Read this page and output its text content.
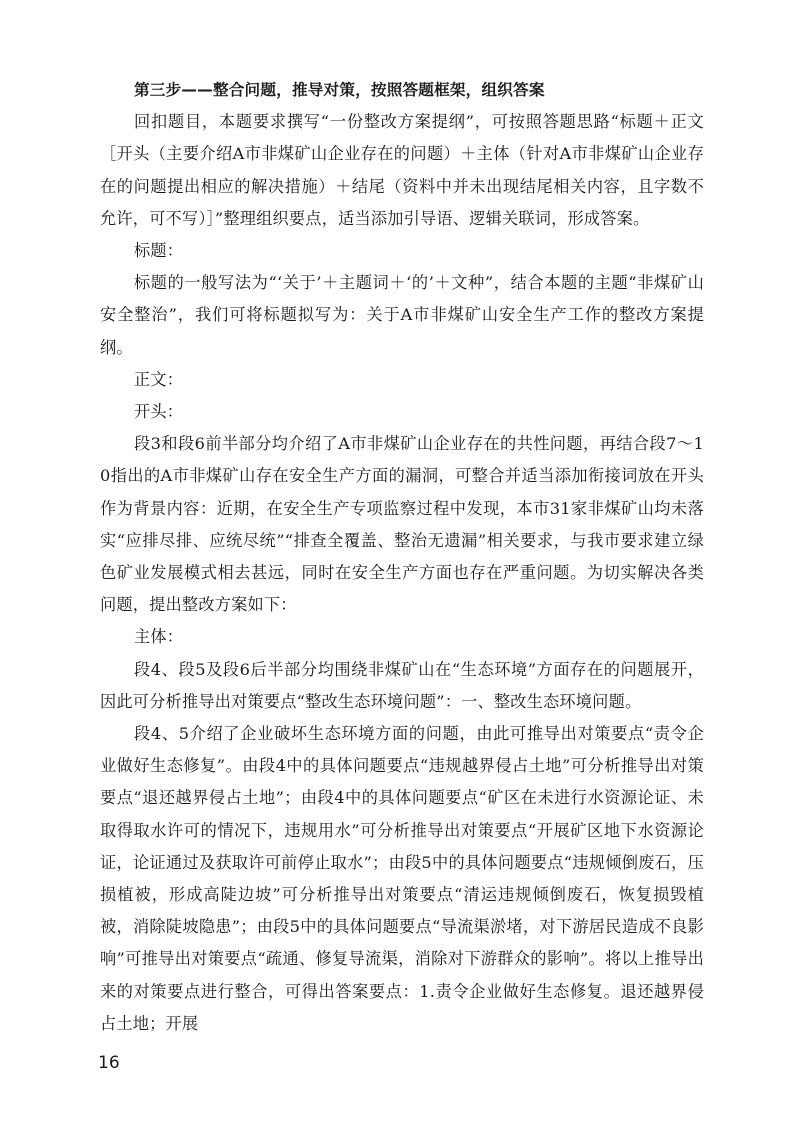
第三步——整合问题，推导对策，按照答题框架，组织答案

回扣题目，本题要求撰写“一份整改方案提纲”，可按照答题思路“标题＋正文［开头（主要介绍A市非煤矿山企业存在的问题）＋主体（针对A市非煤矿山企业存在的问题提出相应的解决措施）＋结尾（资料中并未出现结尾相关内容，且字数不允许，可不写）］”整理组织要点，适当添加引导语、逻辑关联词，形成答案。

标题：

标题的一般写法为“‘关于’＋主题词＋‘的’＋文种”，结合本题的主题“非煤矿山安全整治”，我们可将标题拟写为：关于A市非煤矿山安全生产工作的整改方案提纲。

正文：

开头：

段3和段6前半部分均介绍了A市非煤矿山企业存在的共性问题，再结合段7～10指出的A市非煤矿山存在安全生产方面的漏洞，可整合并适当添加衔接词放在开头作为背景内容：近期，在安全生产专项监察过程中发现，本市31家非煤矿山均未落实“应排尽排、应统尽统”“排查全覆盖、整治无遗漏”相关要求，与我市要求建立绿色矿业发展模式相去甚远，同时在安全生产方面也存在严重问题。为切实解决各类问题，提出整改方案如下：

主体：

段4、段5及段6后半部分均围绕非煤矿山在“生态环境”方面存在的问题展开，因此可分析推导出对策要点“整改生态环境问题”：一、整改生态环境问题。

段4、5介绍了企业破坏生态环境方面的问题，由此可推导出对策要点“责令企业做好生态修复”。由段4中的具体问题要点“违规越界侵占土地”可分析推导出对策要点“退还越界侵占土地”；由段4中的具体问题要点“矿区在未进行水资源论证、未取得取水许可的情况下，违规用水”可分析推导出对策要点“开展矿区地下水资源论证，论证通过及获取许可前停止取水”；由段5中的具体问题要点“违规倾倒废石，压损植被，形成高陡边坡”可分析推导出对策要点“清运违规倾倒废石，恢复损毁植被，消除陡坡隐患”；由段5中的具体问题要点“导流渠淤堵，对下游居民造成不良影响”可推导出对策要点“疏通、修复导流渠，消除对下游群众的影响”。将以上推导出来的对策要点进行整合，可得出答案要点：1.责令企业做好生态修复。退还越界侵占土地；开展

16
